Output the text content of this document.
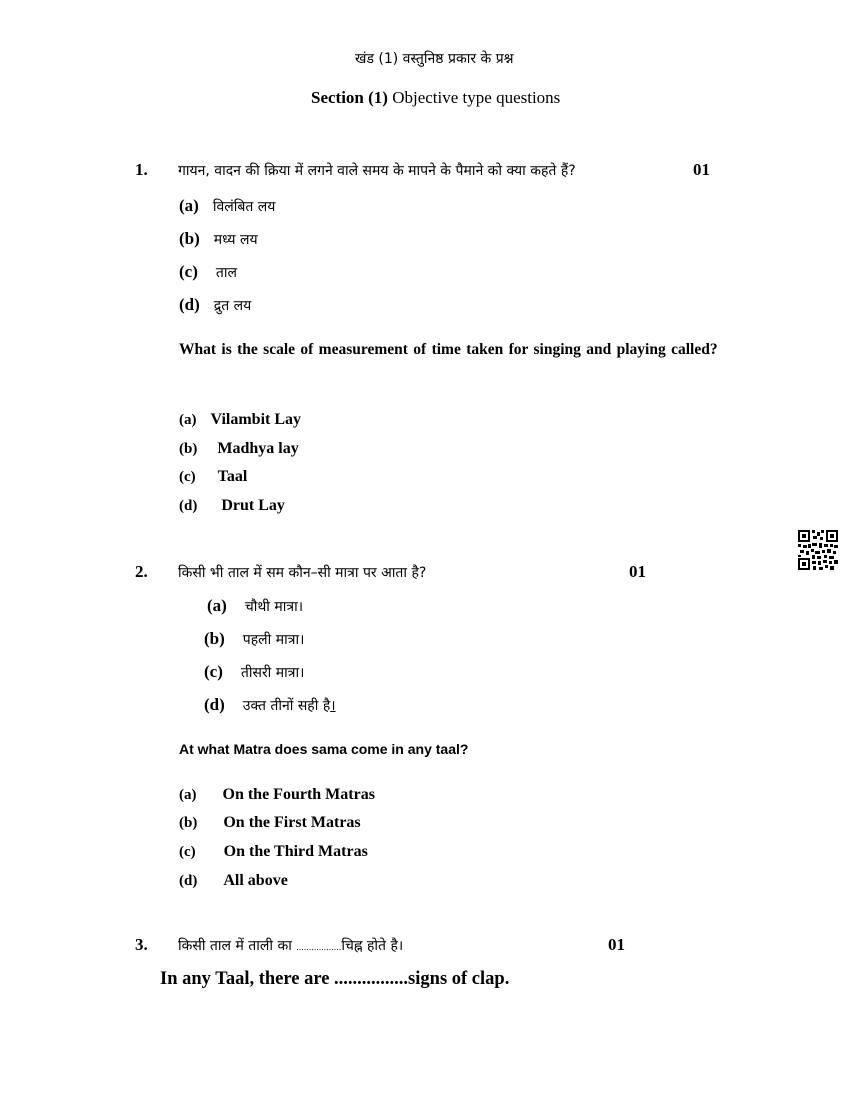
खंड (1) वस्तुनिष्ठ प्रकार के प्रश्न
Section (1) Objective type questions
1. गायन, वादन की क्रिया में लगने वाले समय के मापने के पैमाने को क्या कहते हैं?	01
(a) विलंबित लय
(b) मध्य लय
(c) ताल
(d) द्रुत लय
What is the scale of measurement of time taken for singing and playing called?
(a) Vilambit Lay
(b) Madhya lay
(c) Taal
(d) Drut Lay
2. किसी भी ताल में सम कौन–सी मात्रा पर आता है?	01
(a) चौथी मात्रा।
(b) पहली मात्रा।
(c) तीसरी मात्रा।
(d) उक्त तीनों सही है।
At what Matra does sama come in any taal?
(a) On the Fourth Matras
(b) On the First Matras
(c) On the Third Matras
(d) All above
3. किसी ताल में ताली का ..................चिह्न होते है।	01
In any Taal, there are ................signs of clap.
